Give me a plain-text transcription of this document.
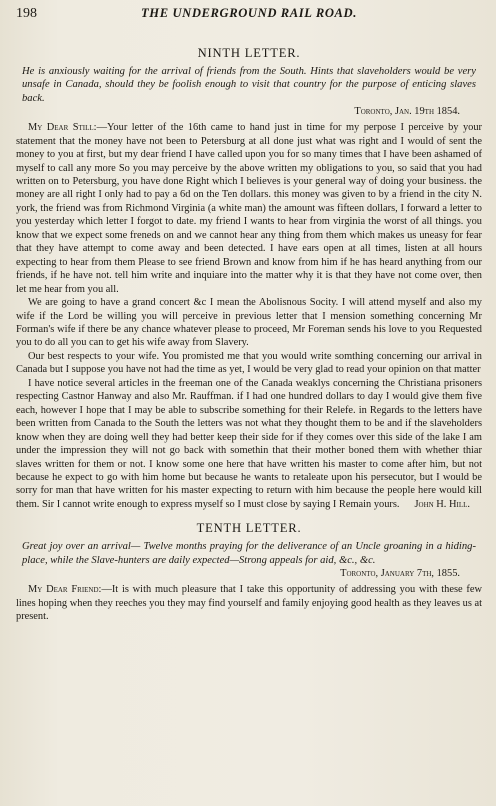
198	THE UNDERGROUND RAIL ROAD.
NINTH LETTER.
He is anxiously waiting for the arrival of friends from the South. Hints that slaveholders would be very unsafe in Canada, should they be foolish enough to visit that country for the purpose of enticing slaves back.
Toronto, Jan. 19th 1854.

My Dear Still:—Your letter of the 16th came to hand just in time for my perpose I perceive by your statement that the money have not been to Petersburg at all done just what was right and I would of sent the money to you at first, but my dear friend I have called upon you for so many times that I have been ashamed of myself to call any more So you may perceive by the above written my obligations to you, so said that you had written on to Petersburg, you have done Right which I believes is your general way of doing your business. the money are all right I only had to pay a 6d on the Ten dollars. this money was given to by a friend in the city N. york, the friend was from Richmond Virginia (a white man) the amount was fifteen dollars, I forward a letter to you yesterday which letter I forgot to date. my friend I wants to hear from virginia the worst of all things. you know that we expect some freneds on and we cannot hear any thing from them which makes us uneasy for fear that they have attempt to come away and been detected. I have ears open at all times, listen at all hours expecting to hear from them Please to see friend Brown and know from him if he has heard anything from our friends, if he have not. tell him write and inquiare into the matter why it is that they have not come over, then let me hear from you all.

We are going to have a grand concert &c I mean the Abolisnous Socity. I will attend myself and also my wife if the Lord be willing you will perceive in previous letter that I mension something concerning Mr Forman's wife if there be any chance whatever please to proceed, Mr Foreman sends his love to you Requested you to do all you can to get his wife away from Slavery.

Our best respects to your wife. You promisted me that you would write somthing concerning our arrival in Canada but I suppose you have not had the time as yet, I would be very glad to read your opinion on that matter

I have notice several articles in the freeman one of the Canada weaklys concerning the Christiana prisoners respecting Castnor Hanway and also Mr. Rauffman. if I had one hundred dollars to day I would give them five each, however I hope that I may be able to subscribe something for their Relefe. in Regards to the letters have been written from Canada to the South the letters was not what they thought them to be and if the slaveholders know when they are doing well they had better keep their side for if they comes over this side of the lake I am under the impression they will not go back with somethin that their mother boned them with whether thiar slaves written for them or not. I know some one here that have written his master to come after him, but not because he expect to go with him home but because he wants to retaleate upon his persecutor, but I would be sorry for man that have written for his master expecting to return with him because the people here would kill them. Sir I cannot write enough to express myself so I must close by saying I Remain yours.	John H. Hill.

TENTH LETTER.
Great joy over an arrival— Twelve months praying for the deliverance of an Uncle groaning in a hiding-place, while the Slave-hunters are daily expected—Strong appeals for aid, &c., &c.
Toronto, January 7th, 1855.

My Dear Friend:—It is with much pleasure that I take this opportunity of addressing you with these few lines hoping when they reeches you they may find yourself and family enjoying good health as they leaves us at present.
